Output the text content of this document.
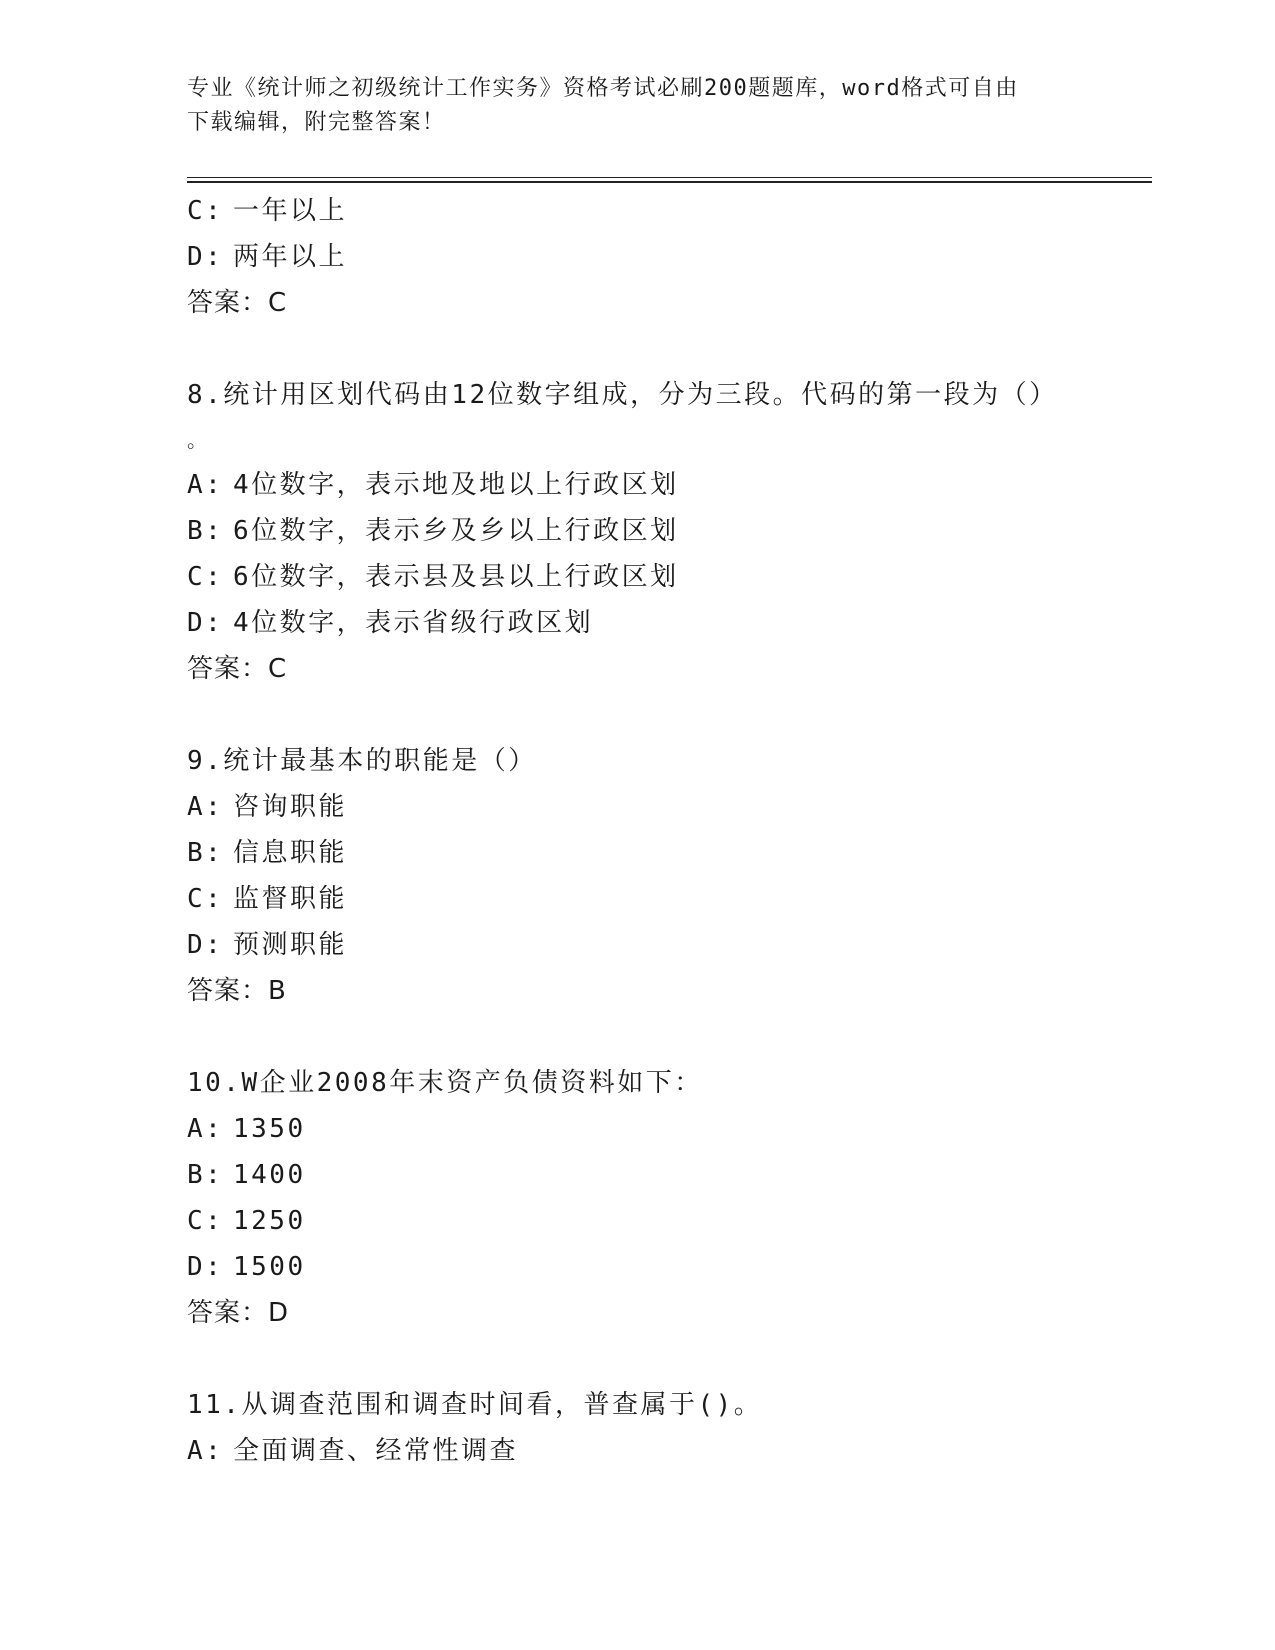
专业《统计师之初级统计工作实务》资格考试必刷200题题库，word格式可自由
下载编辑，附完整答案！
C: 一年以上
D: 两年以上
答案：C
8.统计用区划代码由12位数字组成，分为三段。代码的第一段为（）
。
A: 4位数字，表示地及地以上行政区划
B: 6位数字，表示乡及乡以上行政区划
C: 6位数字，表示县及县以上行政区划
D: 4位数字，表示省级行政区划
答案：C
9.统计最基本的职能是（）
A: 咨询职能
B: 信息职能
C: 监督职能
D: 预测职能
答案：B
10.W企业2008年末资产负债资料如下：
A: 1350
B: 1400
C: 1250
D: 1500
答案：D
11.从调查范围和调查时间看，普查属于()。
A: 全面调查、经常性调查
